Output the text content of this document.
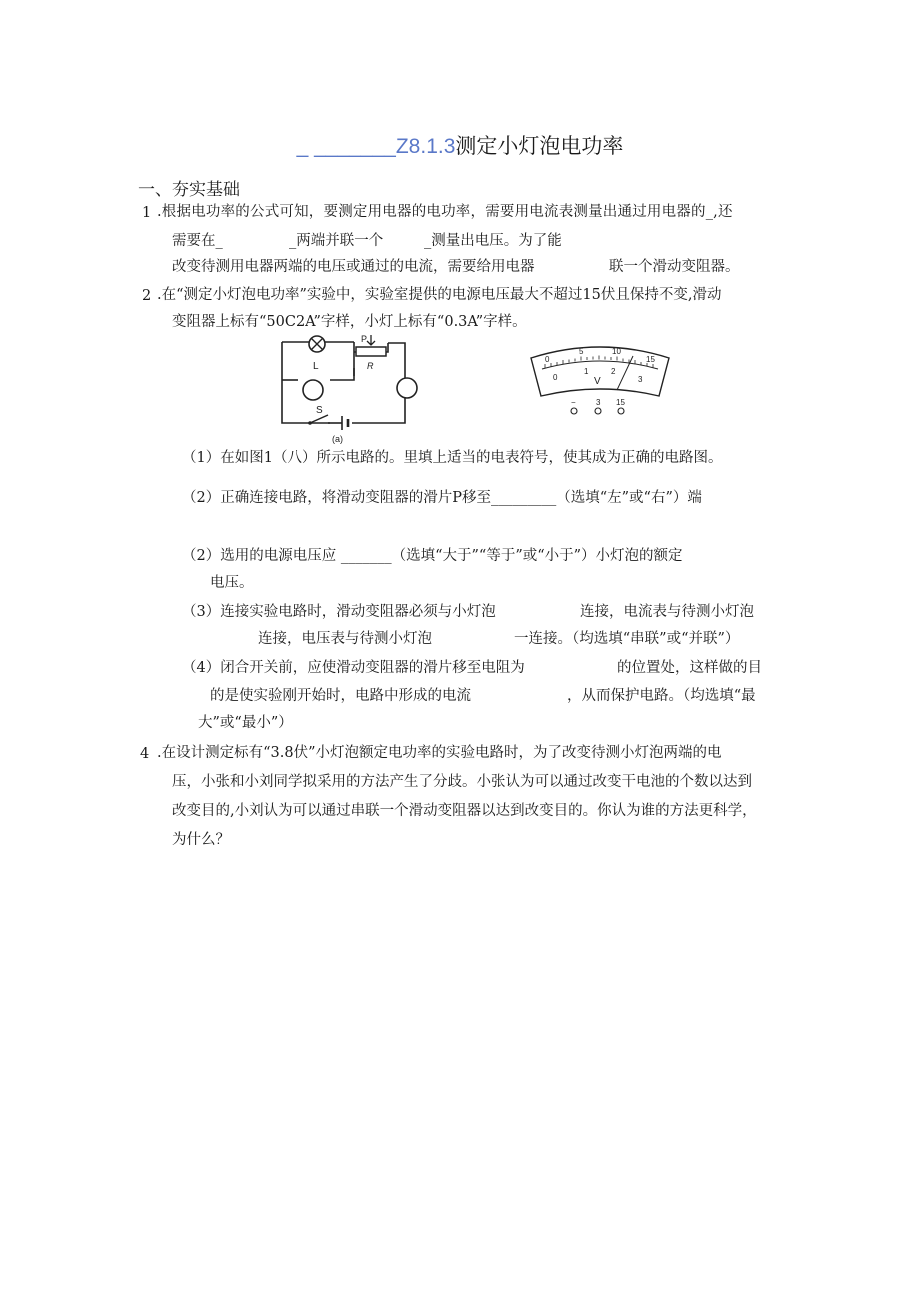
_ _______Z8.1.3测定小灯泡电功率
一、夯实基础
1 .根据电功率的公式可知，要测定用电器的电功率，需要用电流表测量出通过用电器的_,还
需要在_	_两端并联一个	_测量出电压。为了能
改变待测用电器两端的电压或通过的电流，需要给用电器	联一个滑动变阻器。
2 .在“测定小灯泡电功率”实验中，实验室提供的电源电压最大不超过15伏且保持不变,滑动
变阻器上标有“50C2A”字样，小灯上标有“0.3A”字样。
L
P
R
S
(a)
0
5	10
15
0
1	2
3
V
−	3 15
（1）在如图1（八）所示电路的。里填上适当的电表符号，使其成为正确的电路图。
（2）正确连接电路，将滑动变阻器的滑片P移至_________（选填“左”或“右”）端
（2）选用的电源电压应 _______（选填“大于”“等于”或“小于”）小灯泡的额定
电压。
（3）连接实验电路时，滑动变阻器必须与小灯泡	连接，电流表与待测小灯泡
连接，电压表与待测小灯泡	一连接。（均选填“串联”或“并联”）
（4）闭合开关前，应使滑动变阻器的滑片移至电阻为	的位置处，这样做的目
的是使实验刚开始时，电路中形成的电流	，从而保护电路。（均选填“最
大”或“最小”）
4 .在设计测定标有“3.8伏”小灯泡额定电功率的实验电路时，为了改变待测小灯泡两端的电
压，小张和小刘同学拟采用的方法产生了分歧。小张认为可以通过改变干电池的个数以达到
改变目的,小刘认为可以通过串联一个滑动变阻器以达到改变目的。你认为谁的方法更科学，
为什么？
